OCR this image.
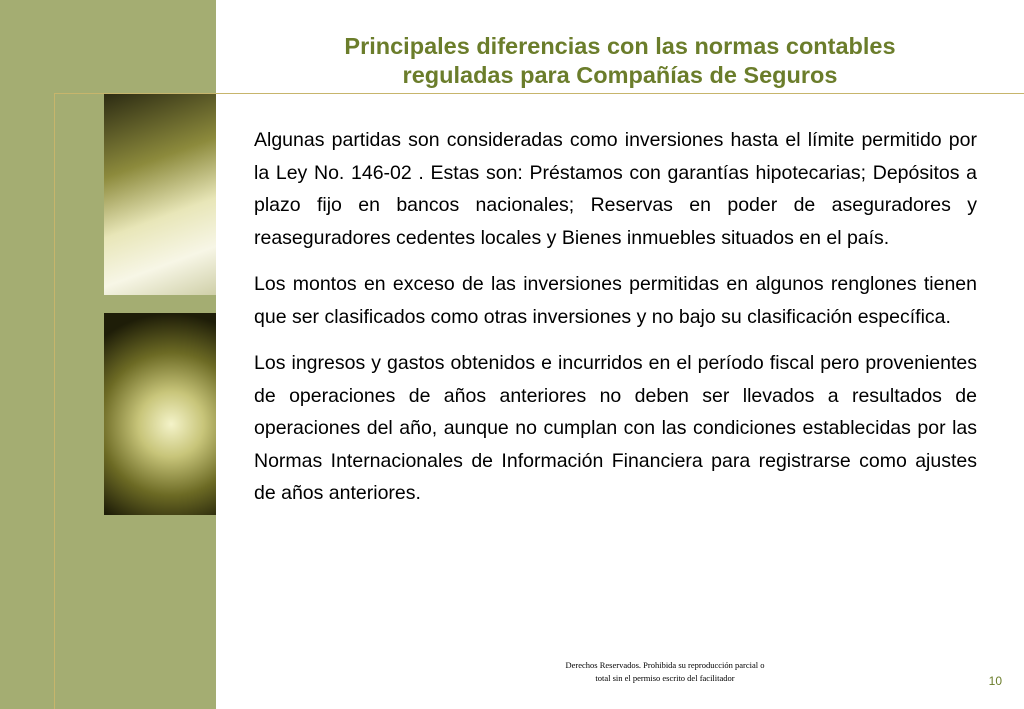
Principales diferencias con las normas contables
reguladas para Compañías de Seguros

Algunas partidas son consideradas como inversiones hasta el límite permitido por la Ley No. 146-02 . Estas son: Préstamos con garantías hipotecarias; Depósitos a plazo fijo en bancos nacionales; Reservas en poder de aseguradores y reaseguradores cedentes locales y Bienes inmuebles situados en el país.

Los montos en exceso de las inversiones permitidas en algunos renglones tienen que ser clasificados como otras inversiones y no bajo su clasificación específica.

Los ingresos y gastos obtenidos e incurridos en el período fiscal pero provenientes de operaciones de años anteriores no deben ser llevados a resultados de operaciones del año, aunque no cumplan con las condiciones establecidas por las Normas Internacionales de Información Financiera para registrarse como ajustes de años anteriores.

Derechos Reservados. Prohibida su reproducción parcial o
total sin el permiso escrito del facilitador	10
